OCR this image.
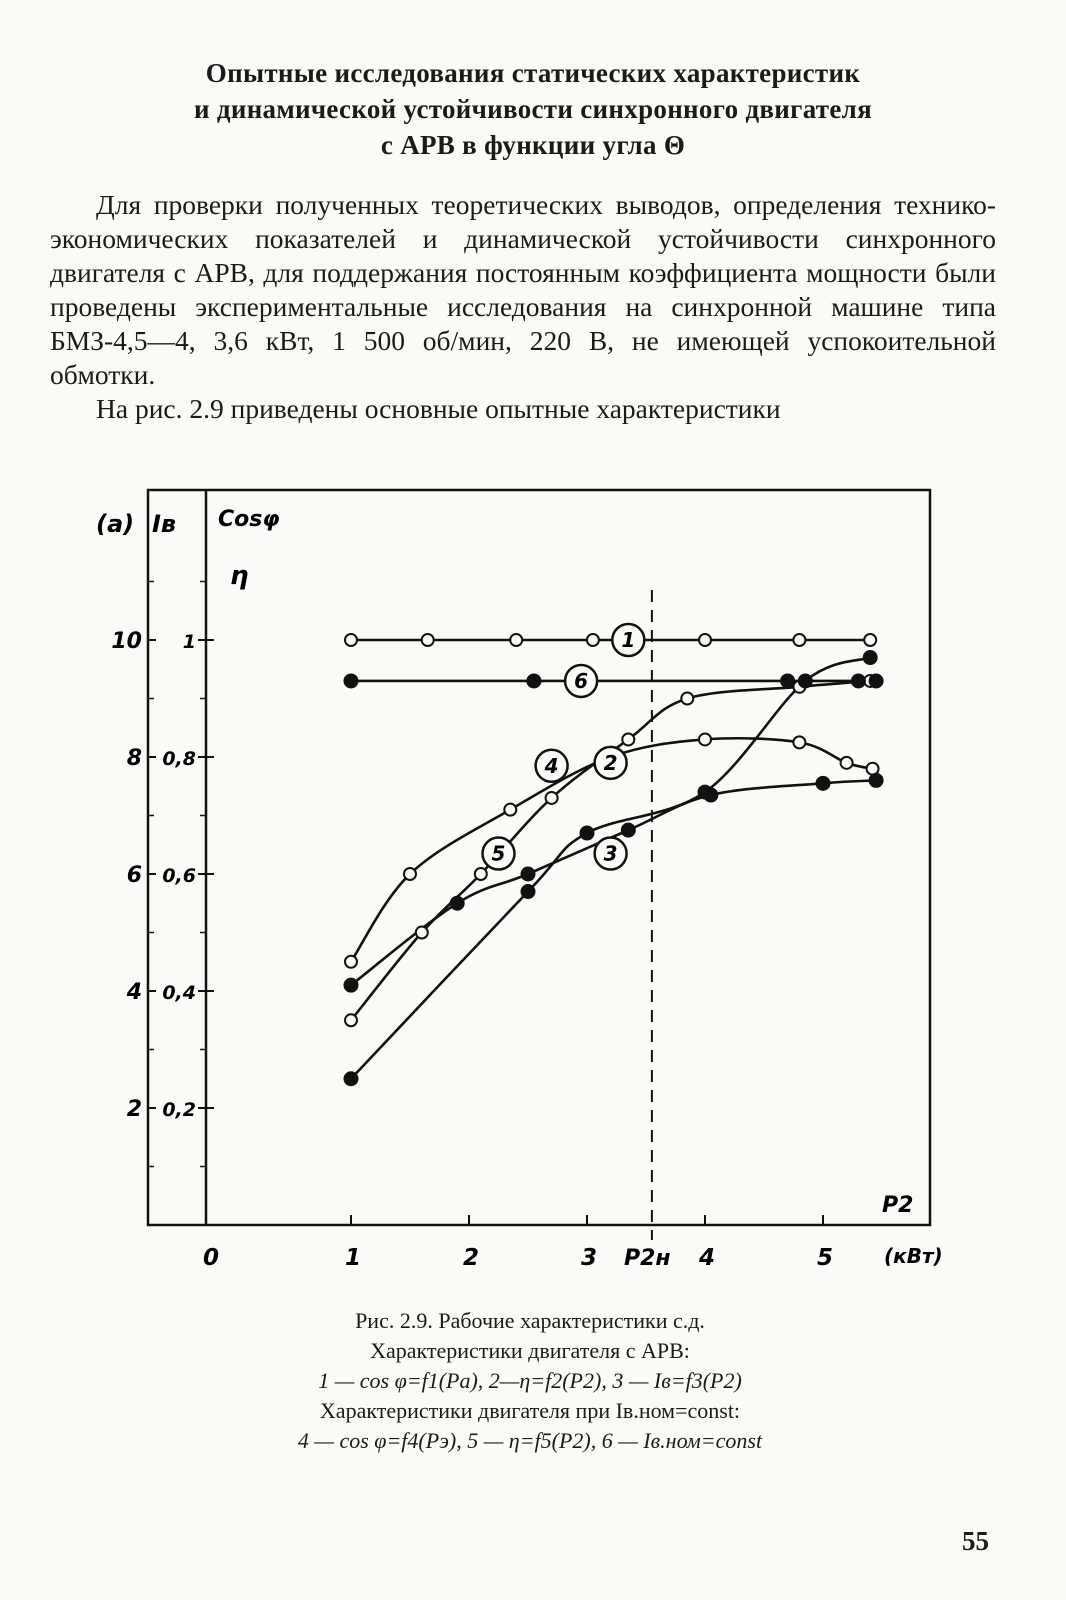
Опытные исследования статических характеристик
и динамической устойчивости синхронного двигателя
с АРВ в функции угла Θ

Для проверки полученных теоретических выводов, определения технико-экономических показателей и динамической устойчивости синхронного двигателя с АРВ, для поддержания постоянным коэффициента мощности были проведены экспериментальные исследования на синхронной машине типа БМЗ-4,5—4, 3,6 кВт, 1 500 об/мин, 220 В, не имеющей успокоительной обмотки.

На рис. 2.9 приведены основные опытные характеристики

(а) Iв Cosφ
η
P2
(кВт)
P2н
2 0,2
4 0,4
6 0,6
8 0,8
10 1
0	1	2	3	4	5
1
6
4 2
5	3
Рис. 2.9. Рабочие характеристики с.д.
Характеристики двигателя с АРВ:
1 — cos φ=f1(Pa), 2—η=f2(P2), 3 — Iв=f3(P2)
Характеристики двигателя при Iв.ном=const:
4 — cos φ=f4(Pэ), 5 — η=f5(P2), 6 — Iв.ном=const
55
